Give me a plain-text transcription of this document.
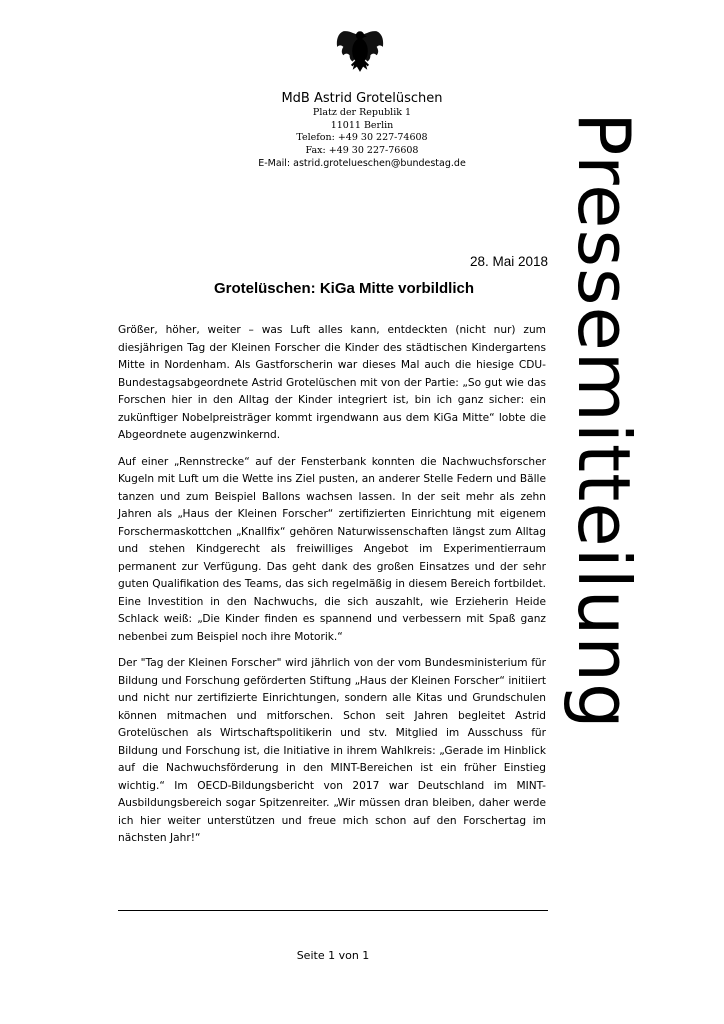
MdB Astrid Grotelüschen
Platz der Republik 1
11011 Berlin
Telefon: +49 30 227-74608
Fax: +49 30 227-76608
E-Mail: astrid.grotelueschen@bundestag.de	Pressemitteilung
28. Mai 2018
Grotelüschen: KiGa Mitte vorbildlich

Größer, höher, weiter – was Luft alles kann, entdeckten (nicht nur) zum diesjährigen Tag der Kleinen Forscher die Kinder des städtischen Kindergartens Mitte in Nordenham. Als Gastforscherin war dieses Mal auch die hiesige CDU-Bundestagsabgeordnete Astrid Grotelüschen mit von der Partie: „So gut wie das Forschen hier in den Alltag der Kinder integriert ist, bin ich ganz sicher: ein zukünftiger Nobelpreisträger kommt irgendwann aus dem KiGa Mitte“ lobte die Abgeordnete augenzwinkernd.

Auf einer „Rennstrecke“ auf der Fensterbank konnten die Nachwuchsforscher Kugeln mit Luft um die Wette ins Ziel pusten, an anderer Stelle Federn und Bälle tanzen und zum Beispiel Ballons wachsen lassen. In der seit mehr als zehn Jahren als „Haus der Kleinen Forscher“ zertifizierten Einrichtung mit eigenem Forschermaskottchen „Knallfix“ gehören Naturwissenschaften längst zum Alltag und stehen Kindgerecht als freiwilliges Angebot im Experimentierraum permanent zur Verfügung. Das geht dank des großen Einsatzes und der sehr guten Qualifikation des Teams, das sich regelmäßig in diesem Bereich fortbildet. Eine Investition in den Nachwuchs, die sich auszahlt, wie Erzieherin Heide Schlack weiß: „Die Kinder finden es spannend und verbessern mit Spaß ganz nebenbei zum Beispiel noch ihre Motorik.“

Der "Tag der Kleinen Forscher" wird jährlich von der vom Bundesministerium für Bildung und Forschung geförderten Stiftung „Haus der Kleinen Forscher“ initiiert und nicht nur zertifizierte Einrichtungen, sondern alle Kitas und Grundschulen können mitmachen und mitforschen. Schon seit Jahren begleitet Astrid Grotelüschen als Wirtschaftspolitikerin und stv. Mitglied im Ausschuss für Bildung und Forschung ist, die Initiative in ihrem Wahlkreis: „Gerade im Hinblick auf die Nachwuchsförderung in den MINT-Bereichen ist ein früher Einstieg wichtig.“ Im OECD-Bildungsbericht von 2017 war Deutschland im MINT-Ausbildungsbereich sogar Spitzenreiter. „Wir müssen dran bleiben, daher werde ich hier weiter unterstützen und freue mich schon auf den Forschertag im nächsten Jahr!“

Seite 1 von 1
